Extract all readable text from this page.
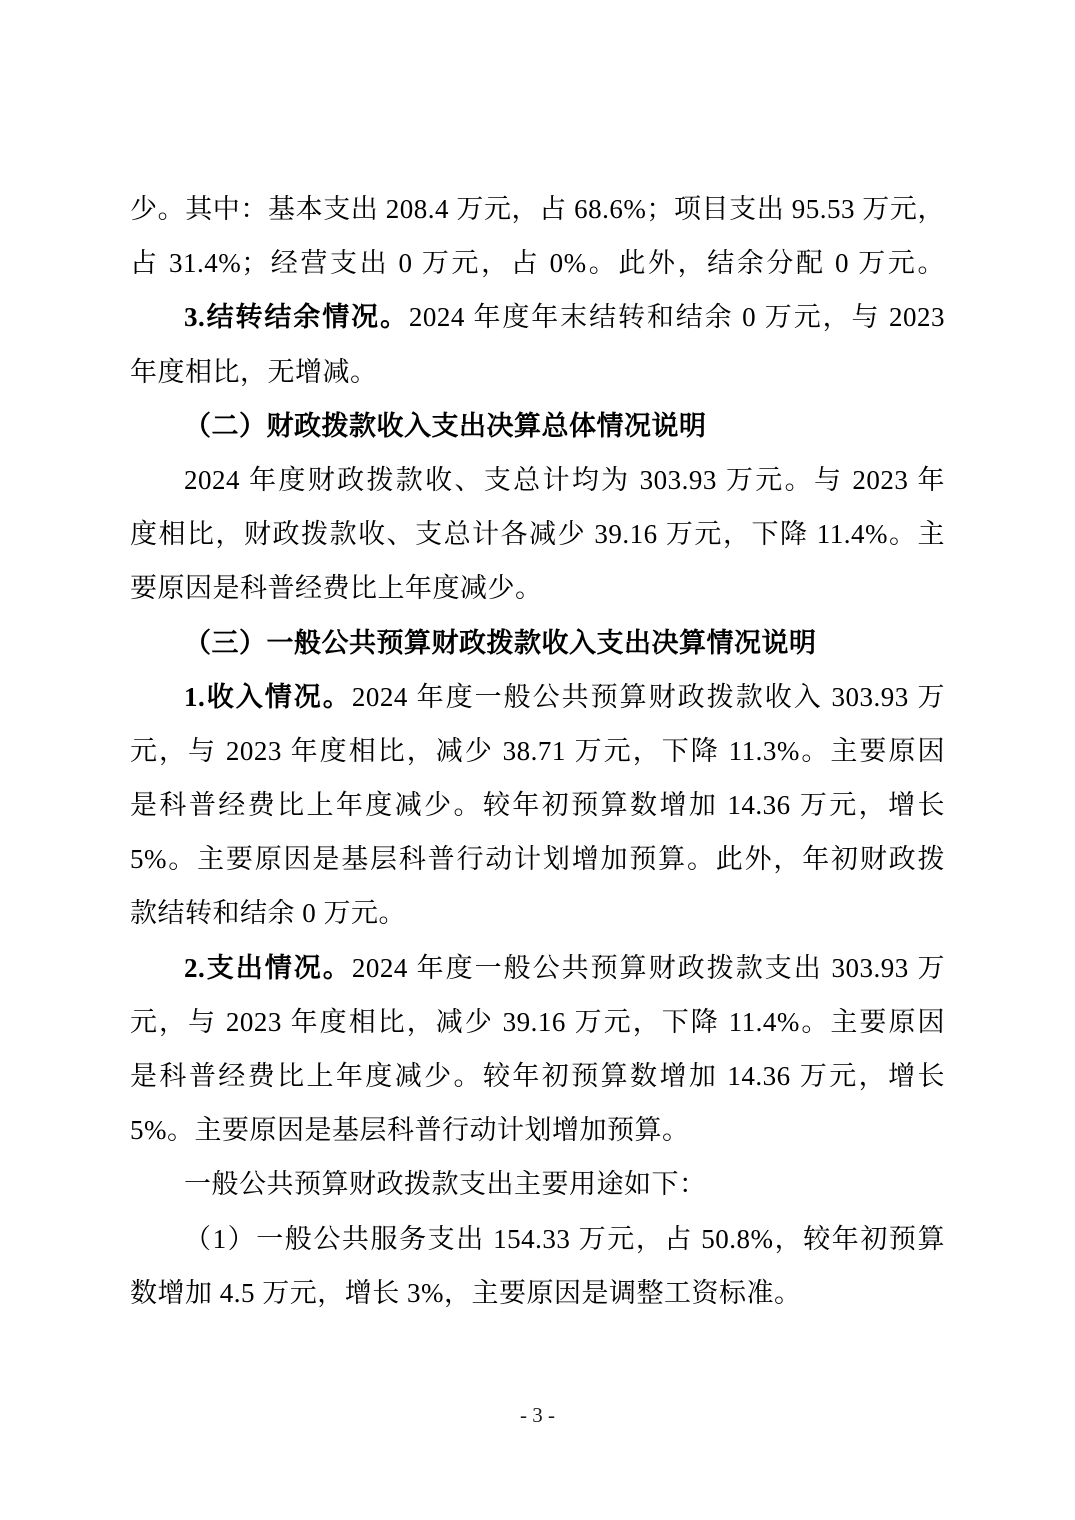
少。其中：基本支出 208.4 万元，占 68.6%；项目支出 95.53 万元，
占 31.4%；经营支出 0 万元，占 0%。此外，结余分配 0 万元。
3.结转结余情况。2024 年度年末结转和结余 0 万元，与 2023
年度相比，无增减。
（二）财政拨款收入支出决算总体情况说明
2024 年度财政拨款收、支总计均为 303.93 万元。与 2023 年
度相比，财政拨款收、支总计各减少 39.16 万元，下降 11.4%。主
要原因是科普经费比上年度减少。
（三）一般公共预算财政拨款收入支出决算情况说明
1.收入情况。2024 年度一般公共预算财政拨款收入 303.93 万
元，与 2023 年度相比，减少 38.71 万元，下降 11.3%。主要原因
是科普经费比上年度减少。较年初预算数增加 14.36 万元，增长
5%。主要原因是基层科普行动计划增加预算。此外，年初财政拨
款结转和结余 0 万元。
2.支出情况。2024 年度一般公共预算财政拨款支出 303.93 万
元，与 2023 年度相比，减少 39.16 万元，下降 11.4%。主要原因
是科普经费比上年度减少。较年初预算数增加 14.36 万元，增长
5%。主要原因是基层科普行动计划增加预算。
一般公共预算财政拨款支出主要用途如下：
（1）一般公共服务支出 154.33 万元，占 50.8%，较年初预算
数增加 4.5 万元，增长 3%，主要原因是调整工资标准。
- 3 -
